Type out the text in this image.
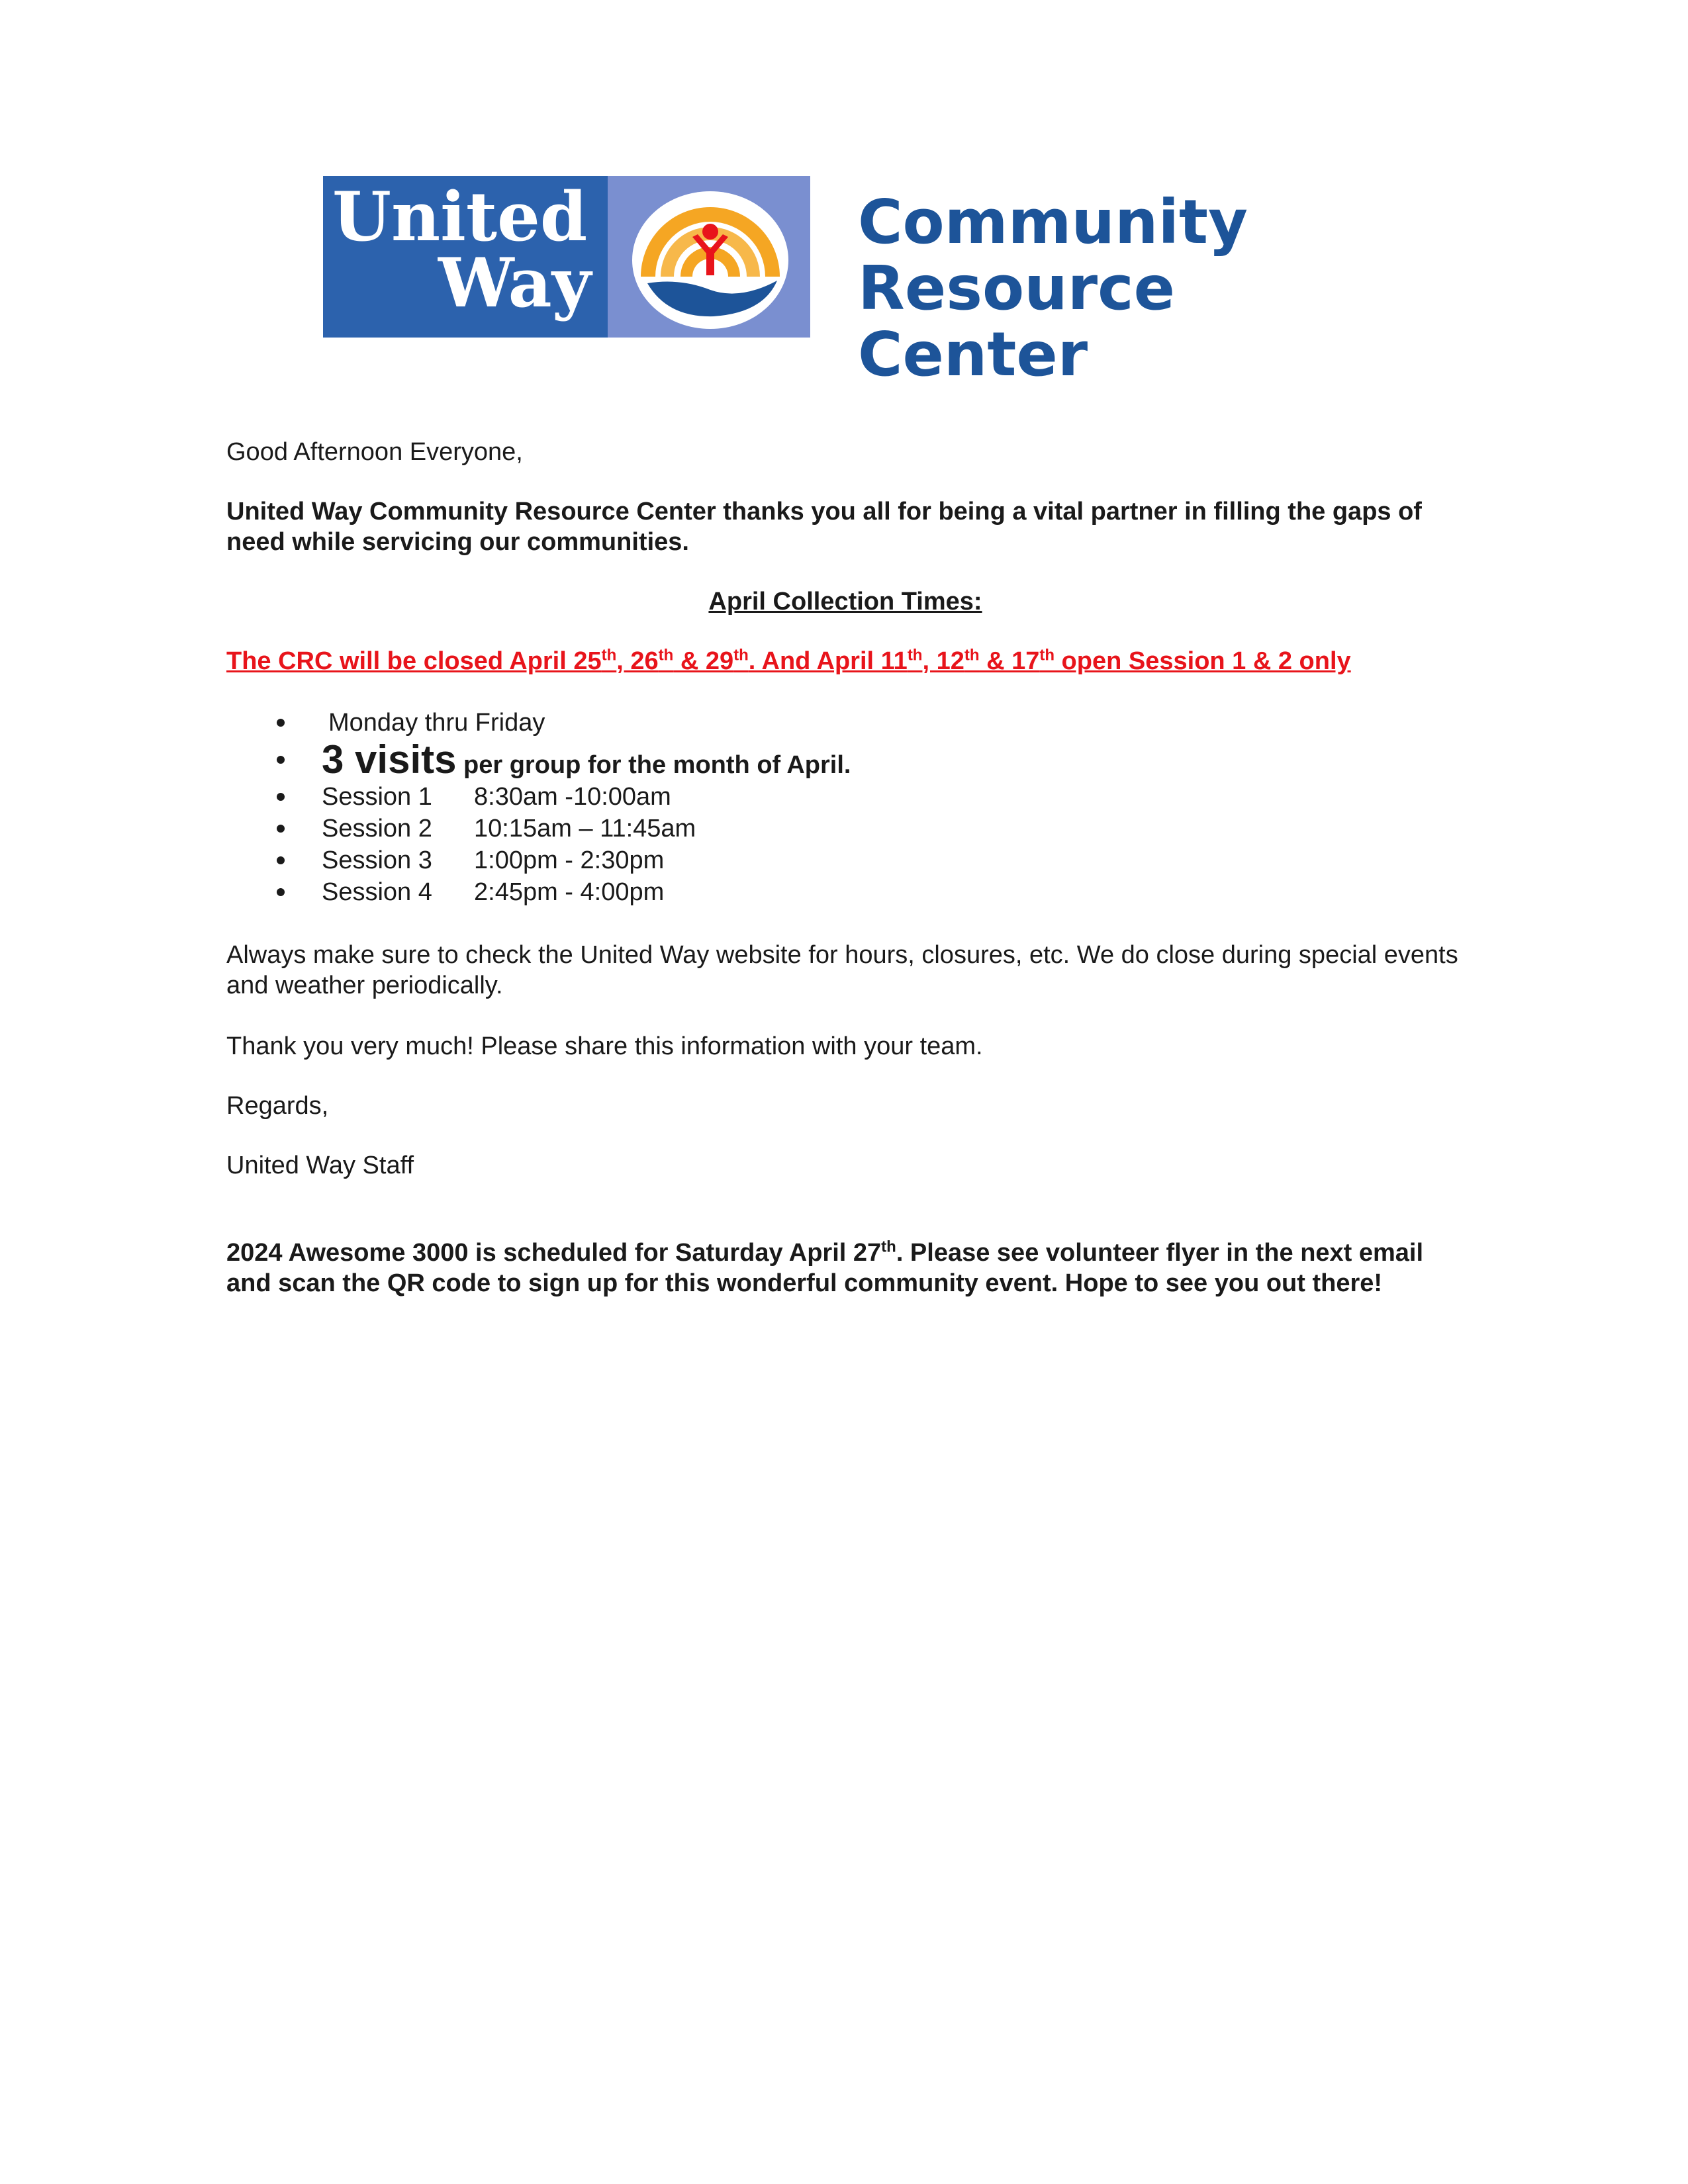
United
Way
Community
Resource Center

Good Afternoon Everyone,

United Way Community Resource Center thanks you all for being a vital partner in filling the gaps of need while servicing our communities.

April Collection Times:

The CRC will be closed April 25th, 26th & 29th. And April 11th, 12th & 17th open Session 1 & 2 only

Monday thru Friday
3 visits per group for the month of April.
Session 1 8:30am -10:00am
Session 2 10:15am – 11:45am
Session 3 1:00pm - 2:30pm
Session 4 2:45pm - 4:00pm

Always make sure to check the United Way website for hours, closures, etc. We do close during special events and weather periodically.

Thank you very much! Please share this information with your team.

Regards,

United Way Staff

2024 Awesome 3000 is scheduled for Saturday April 27th. Please see volunteer flyer in the next email and scan the QR code to sign up for this wonderful community event. Hope to see you out there!
